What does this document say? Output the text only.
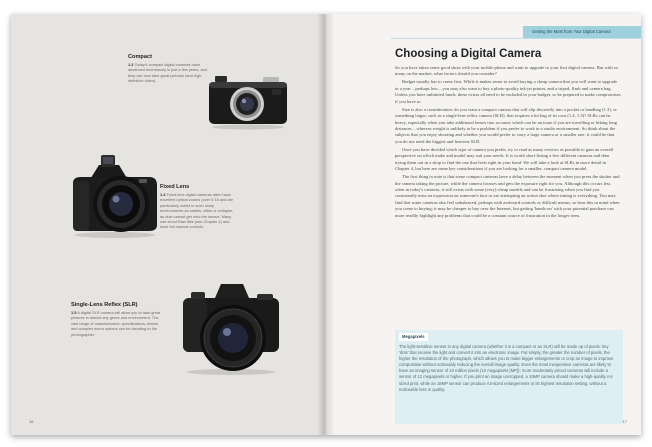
Compact
1.3 Today's compact digital cameras have advanced enormously in just a few years, and they can now take great pictures (and high-definition video).
·
Fixed Lens
1.4 Fixed-lens digital cameras often have excellent optical zooms (over 5 15 and are particularly useful in such dusty environments as safaris, cities or collapse, as dust cannot get onto the sensor. Many can shoot Raw files (see Chapter 4) and have full manual controls.
Single-Lens Reflex (SLR)
1.5 A digital SLR camera will allow you to take great pictures in almost any genre and environment. The vast range of manufacturers, specifications, lenses and complex menu options can be daunting to the photographer.
16
Getting the Most from Your Digital Camera
Choosing a Digital Camera

So you have taken some good shots with your mobile phone and want to upgrade to your first digital camera. But with so many on the market, what factors should you consider?

Budget usually has to come first. While it makes sense to avoid buying a cheap camera that you will want to upgrade in a year – perhaps less – you may also want to buy a photo-quality ink-jet printer, and a tripod, flash and camera bag. Unless you have unlimited funds, these extras all need to be included in your budget, so be prepared to make compromises if you have to.

Size is also a consideration: do you want a compact camera that will slip discreetly into a pocket or handbag (1.3), or something larger, such as a single-lens reflex camera (SLR), that requires a kit bag of its own (1.4, 1.5)? SLRs can be heavy, especially when you take additional lenses into account, which can be an issue if you are travelling or hiking long distances – whereas weight is unlikely to be a problem if you prefer to work in a studio environment. So think about the subjects that you enjoy shooting and whether you would prefer to carry a large camera or a smaller one: it could be that you do not need the biggest and heaviest SLR.

Once you have decided which type of camera you prefer, try to read as many reviews as possible to gain an overall perspective on which make and model may suit your needs. It is worth short-listing a few different cameras and then trying them out in a shop to find the one that feels right in your hand. We will take a look at SLRs in more detail in Chapter 4, but here are some key considerations if you are looking for a smaller, compact camera model.

The first thing to note is that some compact cameras have a delay between the moment when you press the shutter and the camera taking the picture, while the camera focuses and gets the exposure right for you. Although this occurs less often in today's cameras, it still exists with some (very) cheap models and can be frustrating when you find you consistently miss an expression on someone's face or are attempting an action shot where timing is everything. You may find that some cameras also feel unbalanced, perhaps with awkward controls or difficult menus, so bear this in mind when you come to buying; it may be cheaper to buy over the Internet, but getting 'hands-on' with your potential purchase can more readily highlight any problems that could be a constant source of frustration in the longer term.

Megapixels
The light-sensitive sensor in any digital camera (whether it is a compact or an SLR) will be made up of pixels: tiny 'dots' that receive the light and convert it into an electronic image. Put simply, the greater the number of pixels, the higher the resolution of the photograph, which allows you to make bigger enlargements or crop an image to improve composition without noticeably reducing the overall image quality. Even the most inexpensive cameras are likely to have an imaging sensor of 10 million pixels (10 megapixels [MP]); more moderately priced cameras will include a sensor of 12 megapixels or higher. If you print an image uncropped, a 10MP camera should make a high-quality A4-sized print, while an 18MP sensor can produce A3-sized enlargements or its highest resolution setting, without a noticeable loss in quality.
17
